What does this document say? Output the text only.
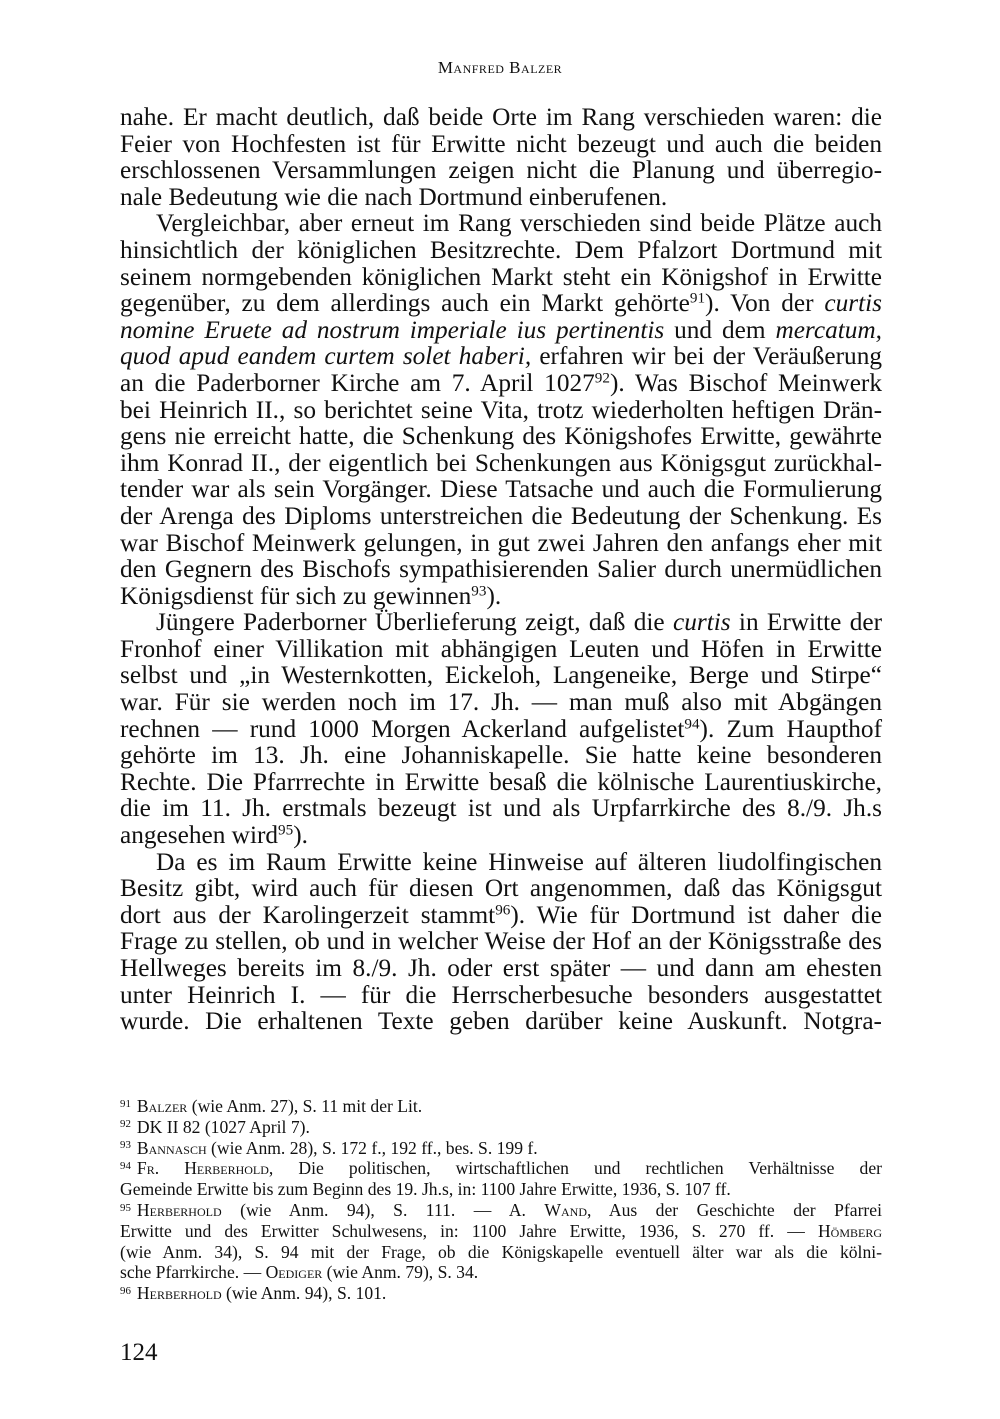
Manfred Balzer
nahe. Er macht deutlich, daß beide Orte im Rang verschieden waren: die
Feier von Hochfesten ist für Erwitte nicht bezeugt und auch die beiden
erschlossenen Versammlungen zeigen nicht die Planung und überregio-
nale Bedeutung wie die nach Dortmund einberufenen.
Vergleichbar, aber erneut im Rang verschieden sind beide Plätze auch
hinsichtlich der königlichen Besitzrechte. Dem Pfalzort Dortmund mit
seinem normgebenden königlichen Markt steht ein Königshof in Erwitte
gegenüber, zu dem allerdings auch ein Markt gehörte$^{91}$). Von der curtis
nomine Eruete ad nostrum imperiale ius pertinentis und dem mercatum,
quod apud eandem curtem solet haberi, erfahren wir bei der Veräußerung
an die Paderborner Kirche am 7. April 1027$^{92}$). Was Bischof Meinwerk
bei Heinrich II., so berichtet seine Vita, trotz wiederholten heftigen Drän-
gens nie erreicht hatte, die Schenkung des Königshofes Erwitte, gewährte
ihm Konrad II., der eigentlich bei Schenkungen aus Königsgut zurückhal-
tender war als sein Vorgänger. Diese Tatsache und auch die Formulierung
der Arenga des Diploms unterstreichen die Bedeutung der Schenkung. Es
war Bischof Meinwerk gelungen, in gut zwei Jahren den anfangs eher mit
den Gegnern des Bischofs sympathisierenden Salier durch unermüdlichen
Königsdienst für sich zu gewinnen$^{93}$).
Jüngere Paderborner Überlieferung zeigt, daß die curtis in Erwitte der
Fronhof einer Villikation mit abhängigen Leuten und Höfen in Erwitte
selbst und „in Westernkotten, Eickeloh, Langeneike, Berge und Stirpe“
war. Für sie werden noch im 17. Jh. — man muß also mit Abgängen
rechnen — rund 1000 Morgen Ackerland aufgelistet$^{94}$). Zum Haupthof
gehörte im 13. Jh. eine Johanniskapelle. Sie hatte keine besonderen
Rechte. Die Pfarrrechte in Erwitte besaß die kölnische Laurentiuskirche,
die im 11. Jh. erstmals bezeugt ist und als Urpfarrkirche des 8./9. Jh.s
angesehen wird$^{95}$).
Da es im Raum Erwitte keine Hinweise auf älteren liudolfingischen
Besitz gibt, wird auch für diesen Ort angenommen, daß das Königsgut
dort aus der Karolingerzeit stammt$^{96}$). Wie für Dortmund ist daher die
Frage zu stellen, ob und in welcher Weise der Hof an der Königsstraße des
Hellweges bereits im 8./9. Jh. oder erst später — und dann am ehesten
unter Heinrich I. — für die Herrscherbesuche besonders ausgestattet
wurde. Die erhaltenen Texte geben darüber keine Auskunft. Notgra-
$^{91}$ Balzer (wie Anm. 27), S. 11 mit der Lit.
$^{92}$ DK II 82 (1027 April 7).
$^{93}$ Bannasch (wie Anm. 28), S. 172 f., 192 ff., bes. S. 199 f.
$^{94}$ Fr. Herberhold, Die politischen, wirtschaftlichen und rechtlichen Verhältnisse der
Gemeinde Erwitte bis zum Beginn des 19. Jh.s, in: 1100 Jahre Erwitte, 1936, S. 107 ff.
$^{95}$ Herberhold (wie Anm. 94), S. 111. — A. Wand, Aus der Geschichte der Pfarrei
Erwitte und des Erwitter Schulwesens, in: 1100 Jahre Erwitte, 1936, S. 270 ff. — Hömberg
(wie Anm. 34), S. 94 mit der Frage, ob die Königskapelle eventuell älter war als die kölni-
sche Pfarrkirche. — Oediger (wie Anm. 79), S. 34.
$^{96}$ Herberhold (wie Anm. 94), S. 101.
124
